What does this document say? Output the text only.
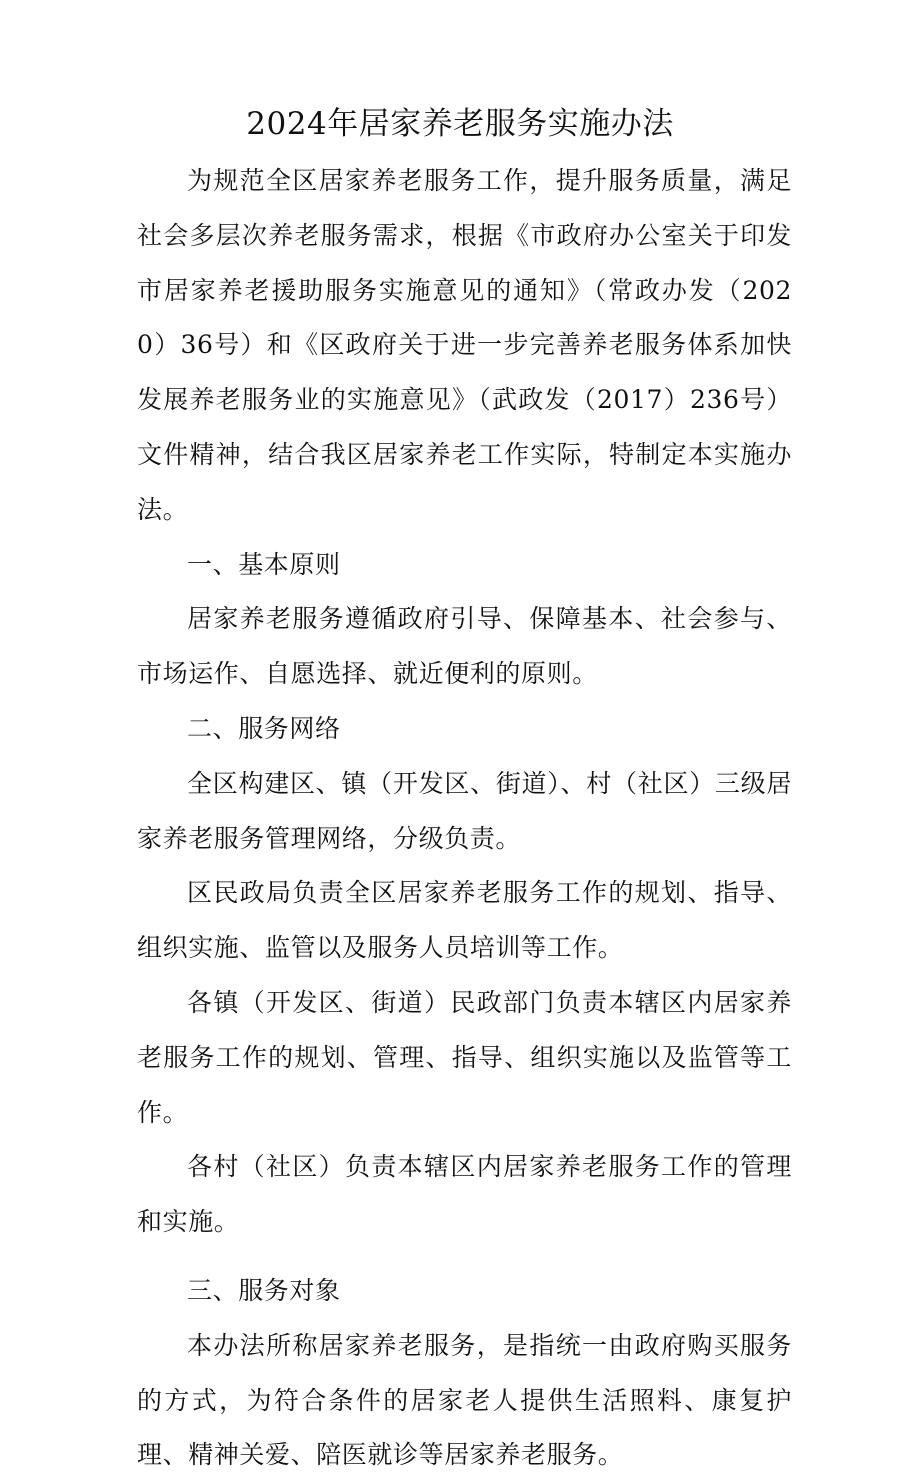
2024年居家养老服务实施办法

为规范全区居家养老服务工作，提升服务质量，满足社会多层次养老服务需求，根据《市政府办公室关于印发市居家养老援助服务实施意见的通知》（常政办发（2020）36号）和《区政府关于进一步完善养老服务体系加快发展养老服务业的实施意见》（武政发（2017）236号）文件精神，结合我区居家养老工作实际，特制定本实施办法。

一、基本原则

居家养老服务遵循政府引导、保障基本、社会参与、市场运作、自愿选择、就近便利的原则。

二、服务网络

全区构建区、镇（开发区、街道）、村（社区）三级居家养老服务管理网络，分级负责。

区民政局负责全区居家养老服务工作的规划、指导、组织实施、监管以及服务人员培训等工作。

各镇（开发区、街道）民政部门负责本辖区内居家养老服务工作的规划、管理、指导、组织实施以及监管等工作。

各村（社区）负责本辖区内居家养老服务工作的管理和实施。

三、服务对象

本办法所称居家养老服务，是指统一由政府购买服务的方式，为符合条件的居家老人提供生活照料、康复护理、精神关爱、陪医就诊等居家养老服务。
